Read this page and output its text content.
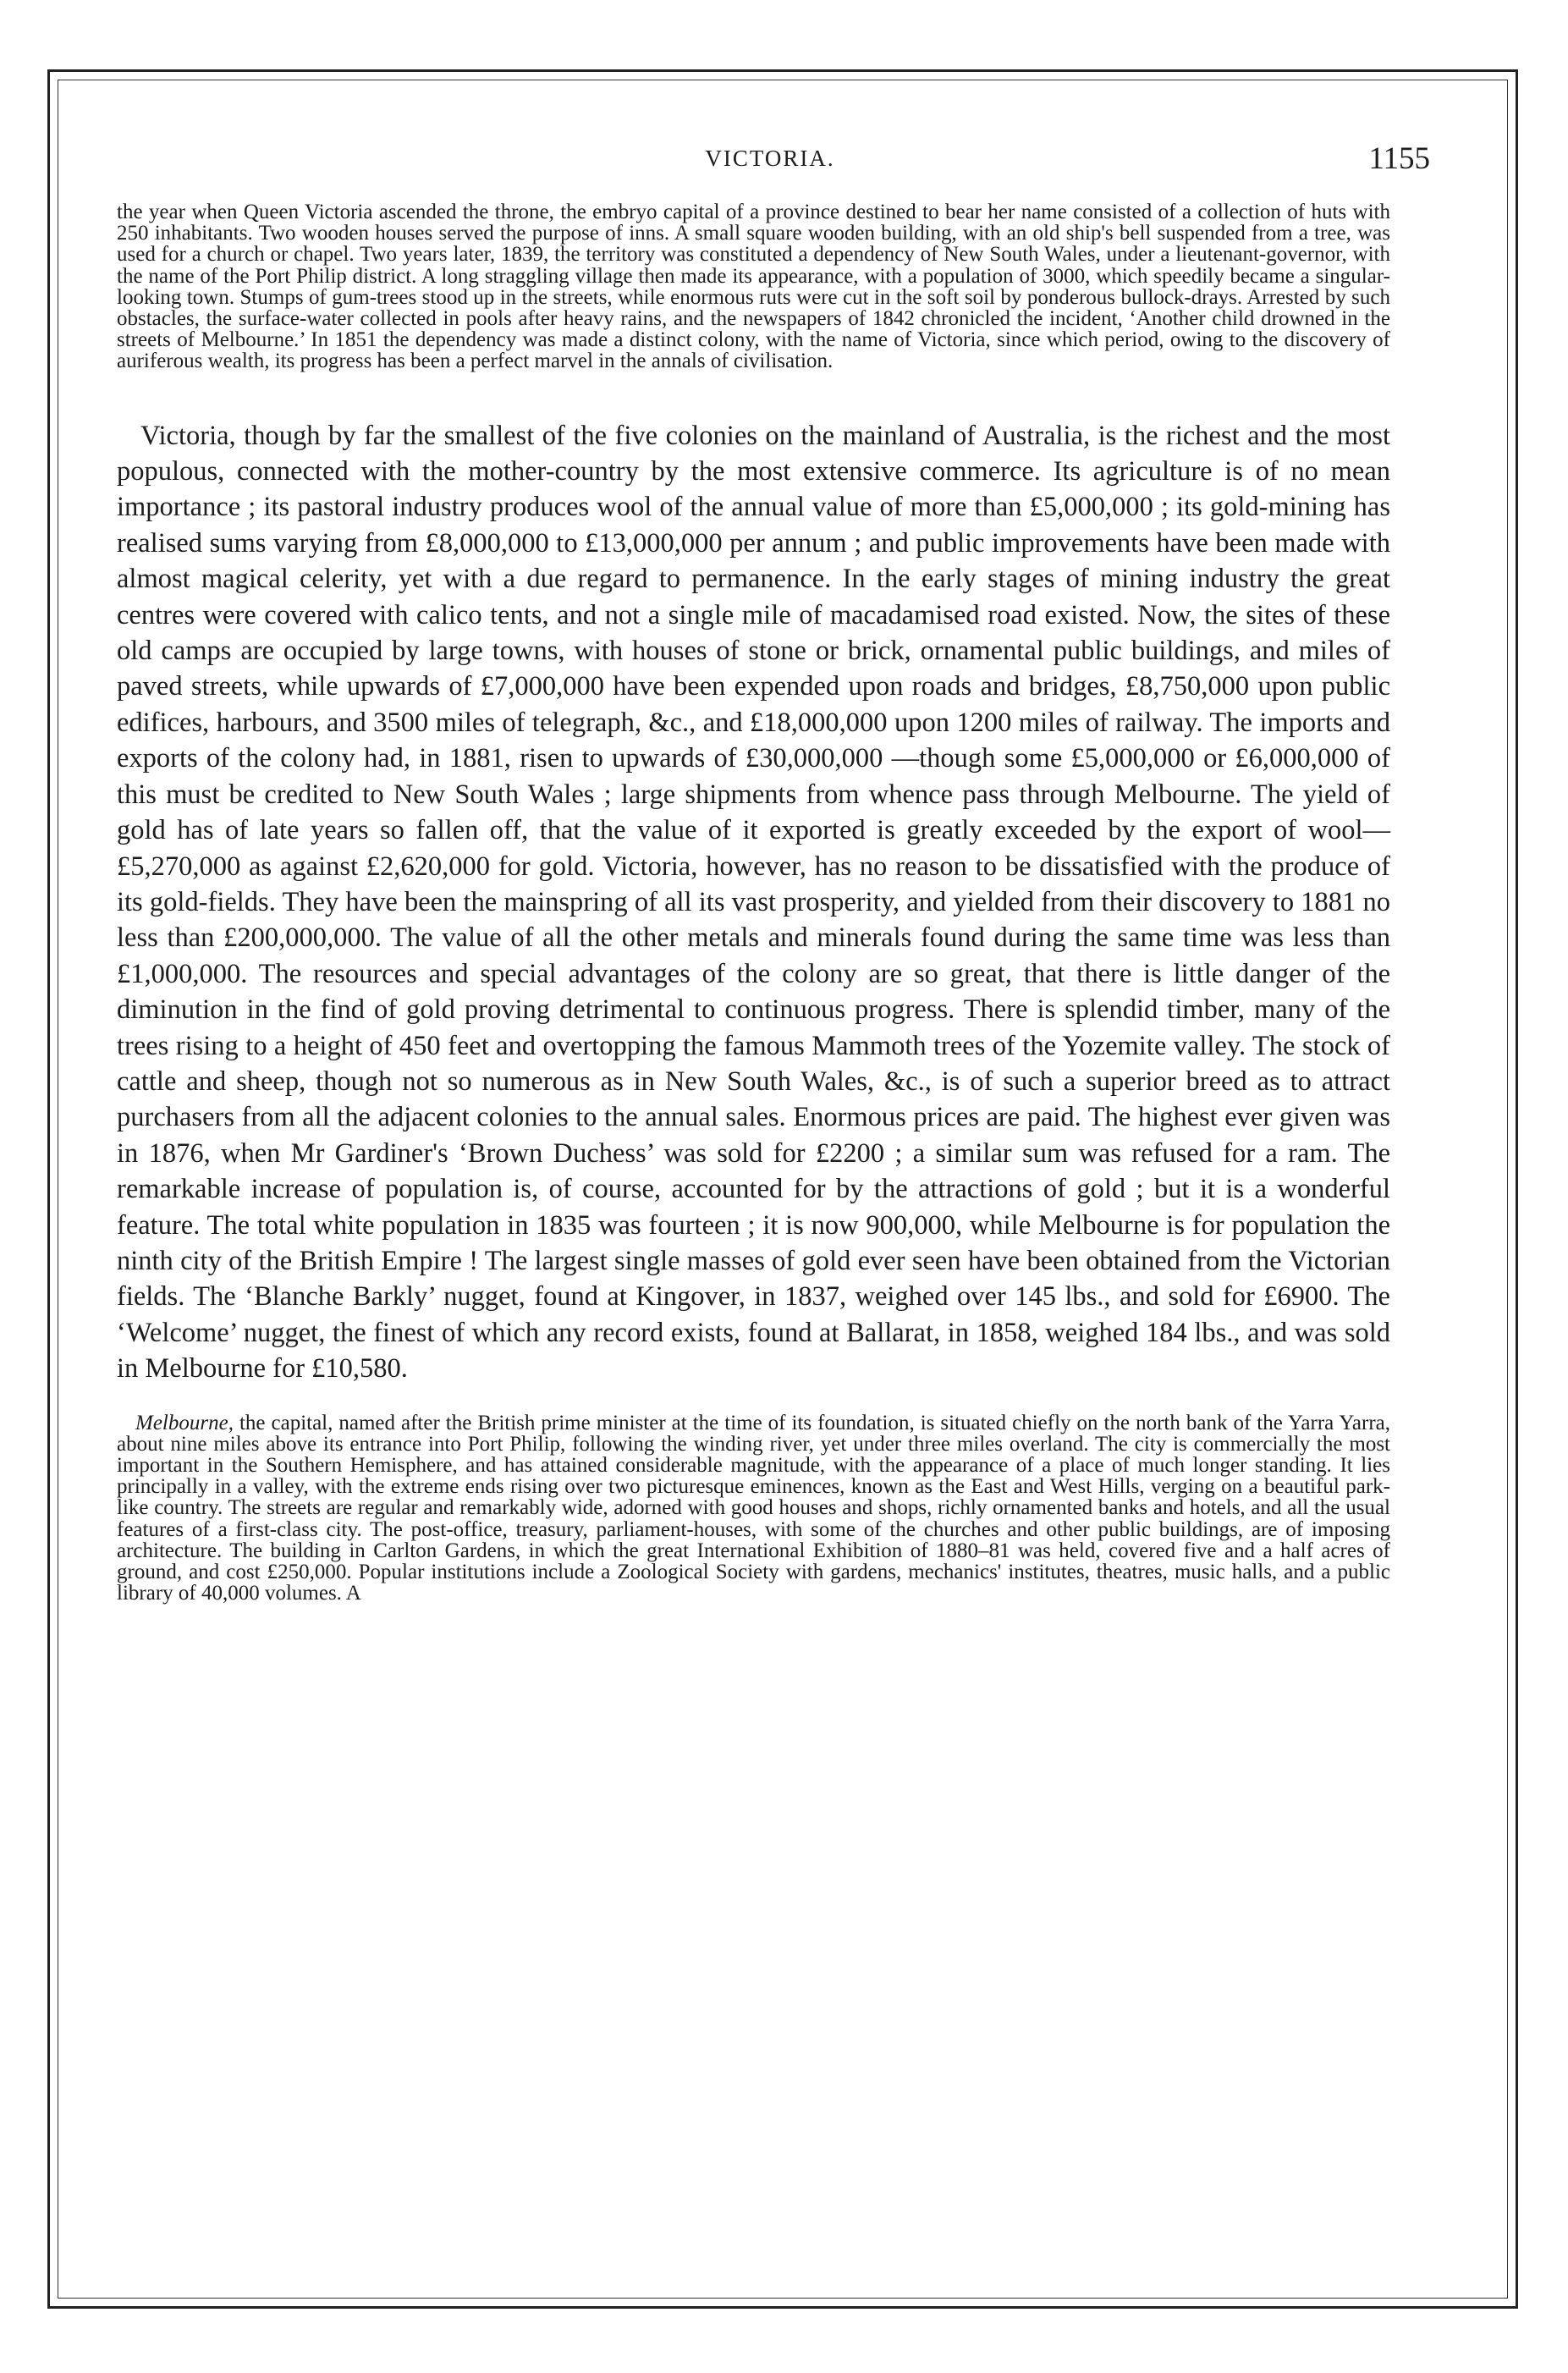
VICTORIA.	1155

the year when Queen Victoria ascended the throne, the embryo capital of a province destined to bear her name consisted of a collection of huts with 250 inhabitants. Two wooden houses served the purpose of inns. A small square wooden building, with an old ship's bell suspended from a tree, was used for a church or chapel. Two years later, 1839, the territory was constituted a dependency of New South Wales, under a lieutenant-governor, with the name of the Port Philip district. A long straggling village then made its appearance, with a population of 3000, which speedily became a singular-looking town. Stumps of gum-trees stood up in the streets, while enormous ruts were cut in the soft soil by ponderous bullock-drays. Arrested by such obstacles, the surface-water collected in pools after heavy rains, and the newspapers of 1842 chronicled the incident, ‘Another child drowned in the streets of Melbourne.’ In 1851 the dependency was made a distinct colony, with the name of Victoria, since which period, owing to the discovery of auriferous wealth, its progress has been a perfect marvel in the annals of civilisation.

Victoria, though by far the smallest of the five colonies on the mainland of Australia, is the richest and the most populous, connected with the mother-country by the most extensive commerce. Its agriculture is of no mean importance ; its pastoral industry produces wool of the annual value of more than £5,000,000 ; its gold-mining has realised sums varying from £8,000,000 to £13,000,000 per annum ; and public improvements have been made with almost magical celerity, yet with a due regard to permanence. In the early stages of mining industry the great centres were covered with calico tents, and not a single mile of macadamised road existed. Now, the sites of these old camps are occupied by large towns, with houses of stone or brick, ornamental public buildings, and miles of paved streets, while upwards of £7,000,000 have been expended upon roads and bridges, £8,750,000 upon public edifices, harbours, and 3500 miles of telegraph, &c., and £18,000,000 upon 1200 miles of railway. The imports and exports of the colony had, in 1881, risen to upwards of £30,000,000 —though some £5,000,000 or £6,000,000 of this must be credited to New South Wales ; large shipments from whence pass through Melbourne. The yield of gold has of late years so fallen off, that the value of it exported is greatly exceeded by the export of wool—£5,270,000 as against £2,620,000 for gold. Victoria, however, has no reason to be dissatisfied with the produce of its gold-fields. They have been the mainspring of all its vast prosperity, and yielded from their discovery to 1881 no less than £200,000,000. The value of all the other metals and minerals found during the same time was less than £1,000,000. The resources and special advantages of the colony are so great, that there is little danger of the diminution in the find of gold proving detrimental to continuous progress. There is splendid timber, many of the trees rising to a height of 450 feet and overtopping the famous Mammoth trees of the Yozemite valley. The stock of cattle and sheep, though not so numerous as in New South Wales, &c., is of such a superior breed as to attract purchasers from all the adjacent colonies to the annual sales. Enormous prices are paid. The highest ever given was in 1876, when Mr Gardiner's ‘Brown Duchess’ was sold for £2200 ; a similar sum was refused for a ram. The remarkable increase of population is, of course, accounted for by the attractions of gold ; but it is a wonderful feature. The total white population in 1835 was fourteen ; it is now 900,000, while Melbourne is for population the ninth city of the British Empire ! The largest single masses of gold ever seen have been obtained from the Victorian fields. The ‘Blanche Barkly’ nugget, found at Kingover, in 1837, weighed over 145 lbs., and sold for £6900. The ‘Welcome’ nugget, the finest of which any record exists, found at Ballarat, in 1858, weighed 184 lbs., and was sold in Melbourne for £10,580.

Melbourne, the capital, named after the British prime minister at the time of its foundation, is situated chiefly on the north bank of the Yarra Yarra, about nine miles above its entrance into Port Philip, following the winding river, yet under three miles overland. The city is commercially the most important in the Southern Hemisphere, and has attained considerable magnitude, with the appearance of a place of much longer standing. It lies principally in a valley, with the extreme ends rising over two picturesque eminences, known as the East and West Hills, verging on a beautiful park-like country. The streets are regular and remarkably wide, adorned with good houses and shops, richly ornamented banks and hotels, and all the usual features of a first-class city. The post-office, treasury, parliament-houses, with some of the churches and other public buildings, are of imposing architecture. The building in Carlton Gardens, in which the great International Exhibition of 1880–81 was held, covered five and a half acres of ground, and cost £250,000. Popular institutions include a Zoological Society with gardens, mechanics' institutes, theatres, music halls, and a public library of 40,000 volumes. A
